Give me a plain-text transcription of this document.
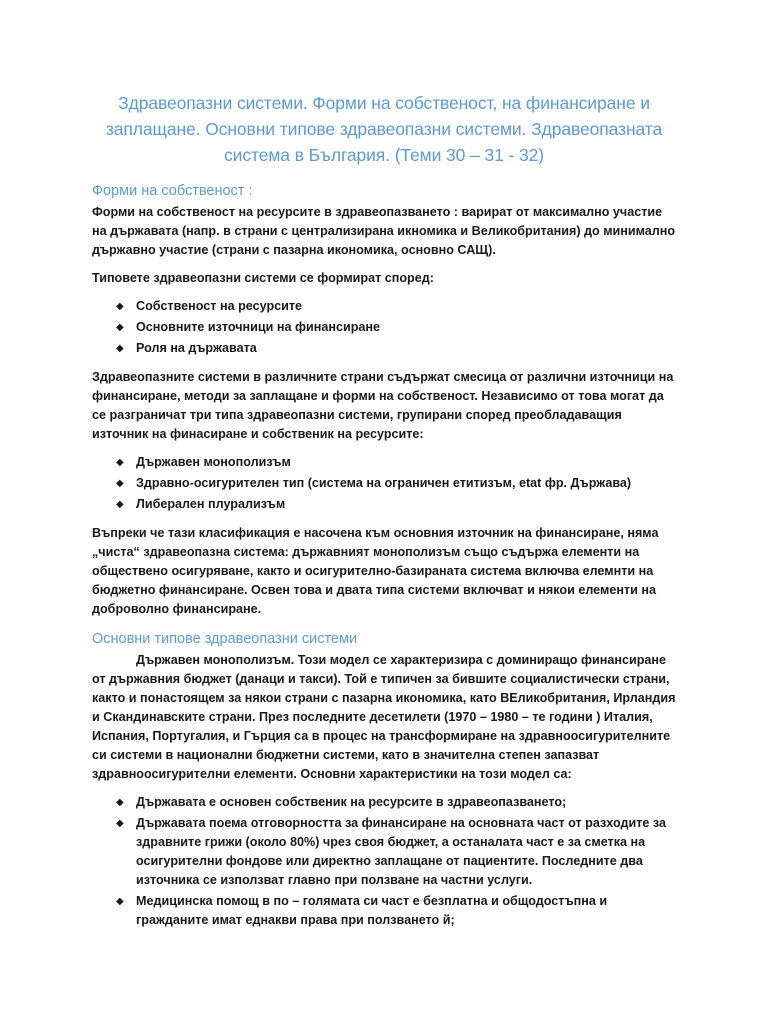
Здравеопазни системи. Форми на собственост, на финансиране и заплащане. Основни типове здравеопазни системи. Здравеопазната система в България. (Теми 30 – 31 - 32)
Форми на собственост :

Форми на собственост на ресурсите в здравеопазването : варират от максимално участие на държавата (напр. в страни с централизирана икномика и Великобритания) до минимално държавно участие (страни с пазарна икономика, основно САЩ).

Типовете здравеопазни системи се формират според:

◆ Собственост на ресурсите
◆ Основните източници на финансиране
◆ Роля на държавата

Здравеопазните системи в различните страни съдържат смесица от различни източници на финансиране, методи за заплащане и форми на собственост. Независимо от това могат да се разграничат три типа здравеопазни системи, групирани според преобладаващия източник на финасиране и собственик на ресурсите:

◆ Държавен монополизъм
◆ Здравно-осигурителен тип (система на ограничен етитизъм, etat фр. Държава)
◆ Либерален плурализъм

Въпреки че тази класификация е насочена към основния източник на финансиране, няма „чиста“ здравеопазна система: държавният монополизъм също съдържа елементи на обществено осигуряване, както и осигурително-базираната система включва елемнти на бюджетно финансиране. Освен това и двата типа системи включват и някои елементи на доброволно финансиране.

Основни типове здравеопазни системи

Държавен монополизъм. Този модел се характеризира с доминиращо финансиране от държавния бюджет (данаци и такси). Той е типичен за бившите социалистически страни, както и понастоящем за някои страни с пазарна икономика, като ВЕликобритания, Ирландия и Скандинавските страни. През последните десетилети (1970 – 1980 – те години ) Италия, Испания, Португалия, и Гърция са в процес на трансформиране на здравноосигурителните си системи в национални бюджетни системи, като в значителна степен запазват здравноосигурителни елементи. Основни характеристики на този модел са:

◆ Държавата е основен собственик на ресурсите в здравеопазването;
◆ Държавата поема отговорността за финансиране на основната част от разходите за здравните грижи (около 80%) чрез своя бюджет, а останалата част е за сметка на осигурителни фондове или директно заплащане от пациентите. Последните два източника се използват главно при ползване на частни услуги.
◆ Медицинска помощ в по – голямата си част е безплатна и общодостъпна и гражданите имат еднакви права при ползването й;
